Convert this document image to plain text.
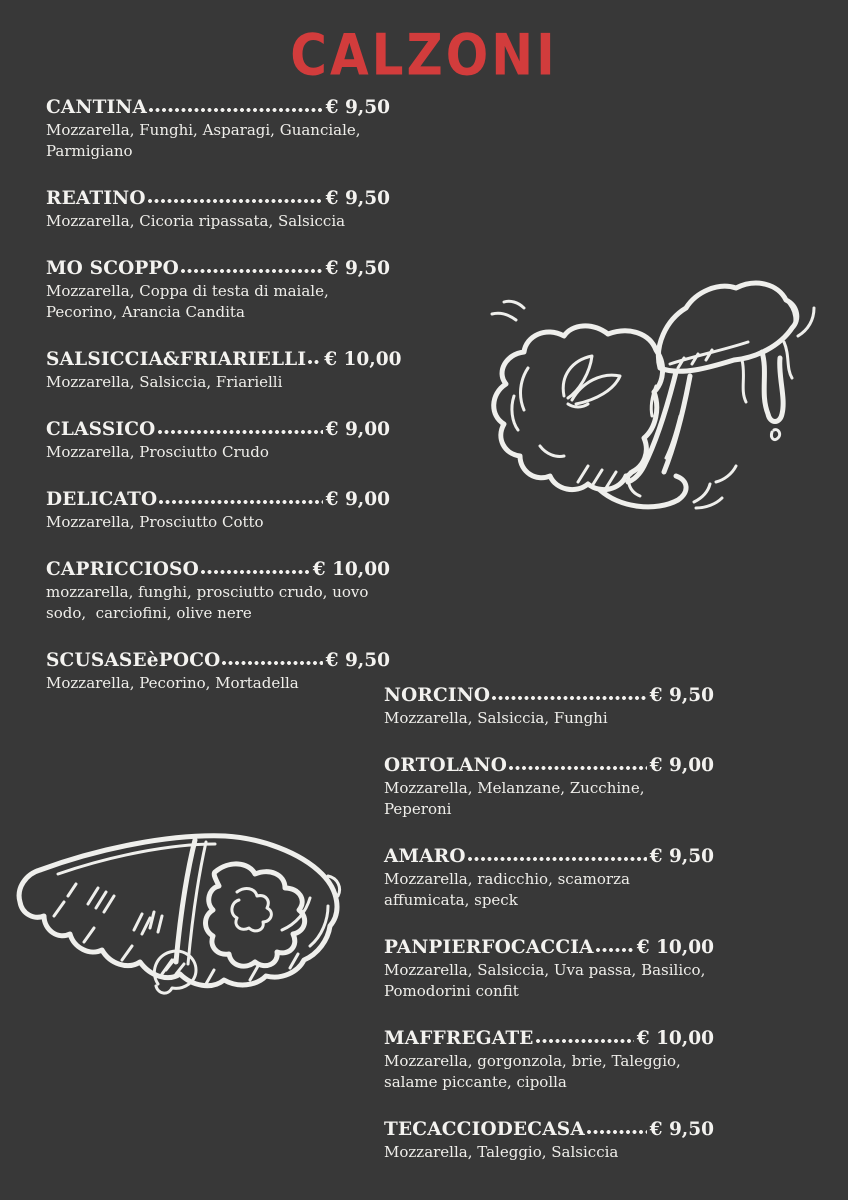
CALZONI
CANTINA	€ 9,50
Mozzarella, Funghi, Asparagi, Guanciale, Parmigiano
REATINO	€ 9,50
Mozzarella, Cicoria ripassata, Salsiccia
MO SCOPPO	€ 9,50
Mozzarella, Coppa di testa di maiale, Pecorino, Arancia Candita
SALSICCIA&FRIARIELLI € 10,00
Mozzarella, Salsiccia, Friarielli
CLASSICO	€ 9,00
Mozzarella, Prosciutto Crudo
DELICATO	€ 9,00
Mozzarella, Prosciutto Cotto
CAPRICCIOSO	€ 10,00
mozzarella, funghi, prosciutto crudo, uovo sodo,  carciofini, olive nere
SCUSASEèPOCO	€ 9,50
Mozzarella, Pecorino, Mortadella
NORCINO	€ 9,50
Mozzarella, Salsiccia, Funghi
ORTOLANO	€ 9,00
Mozzarella, Melanzane, Zucchine, Peperoni
AMARO	€ 9,50
Mozzarella, radicchio, scamorza affumicata, speck
PANPIERFOCACCIA € 10,00
Mozzarella, Salsiccia, Uva passa, Basilico, Pomodorini confit
MAFFREGATE	€ 10,00
Mozzarella, gorgonzola, brie, Taleggio, salame piccante, cipolla
TECACCIODECASA	€ 9,50
Mozzarella, Taleggio, Salsiccia
